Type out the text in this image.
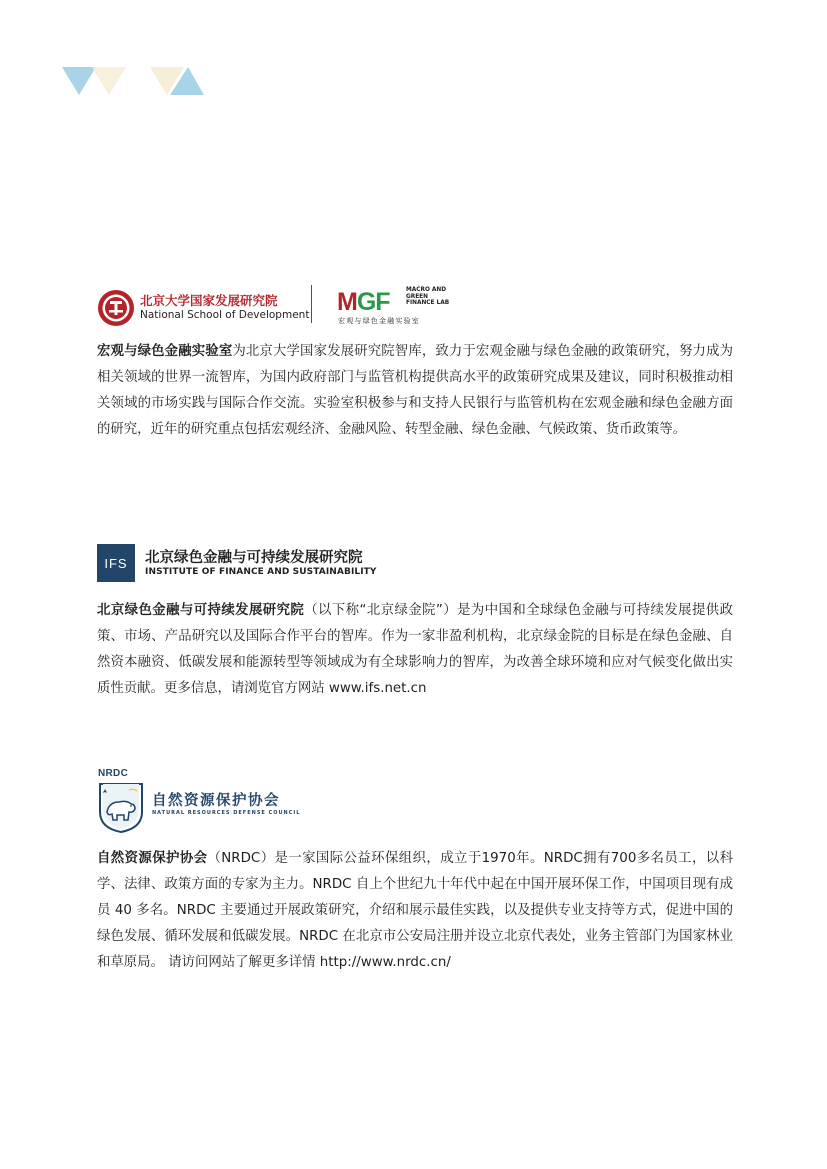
北京大学国家发展研究院
National School of Development MGF	MACRO AND
GREEN
FINANCE LAB
宏观与绿色金融实验室

宏观与绿色金融实验室为北京大学国家发展研究院智库，致力于宏观金融与绿色金融的政策研究，努力成为相关领域的世界一流智库，为国内政府部门与监管机构提供高水平的政策研究成果及建议，同时积极推动相关领域的市场实践与国际合作交流。实验室积极参与和支持人民银行与监管机构在宏观金融和绿色金融方面的研究，近年的研究重点包括宏观经济、金融风险、转型金融、绿色金融、气候政策、货币政策等。

IFS	北京绿色金融与可持续发展研究院
INSTITUTE OF FINANCE AND SUSTAINABILITY

北京绿色金融与可持续发展研究院（以下称“北京绿金院”）是为中国和全球绿色金融与可持续发展提供政策、市场、产品研究以及国际合作平台的智库。作为一家非盈利机构，北京绿金院的目标是在绿色金融、自然资本融资、低碳发展和能源转型等领域成为有全球影响力的智库，为改善全球环境和应对气候变化做出实质性贡献。更多信息，请浏览官方网站 www.ifs.net.cn

NRDC
自然资源保护协会
NATURAL RESOURCES DEFENSE COUNCIL

自然资源保护协会（NRDC）是一家国际公益环保组织，成立于1970年。NRDC拥有700多名员工，以科学、法律、政策方面的专家为主力。NRDC 自上个世纪九十年代中起在中国开展环保工作，中国项目现有成员 40 多名。NRDC 主要通过开展政策研究，介绍和展示最佳实践，以及提供专业支持等方式，促进中国的绿色发展、循环发展和低碳发展。NRDC 在北京市公安局注册并设立北京代表处，业务主管部门为国家林业和草原局。 请访问网站了解更多详情 http://www.nrdc.cn/
